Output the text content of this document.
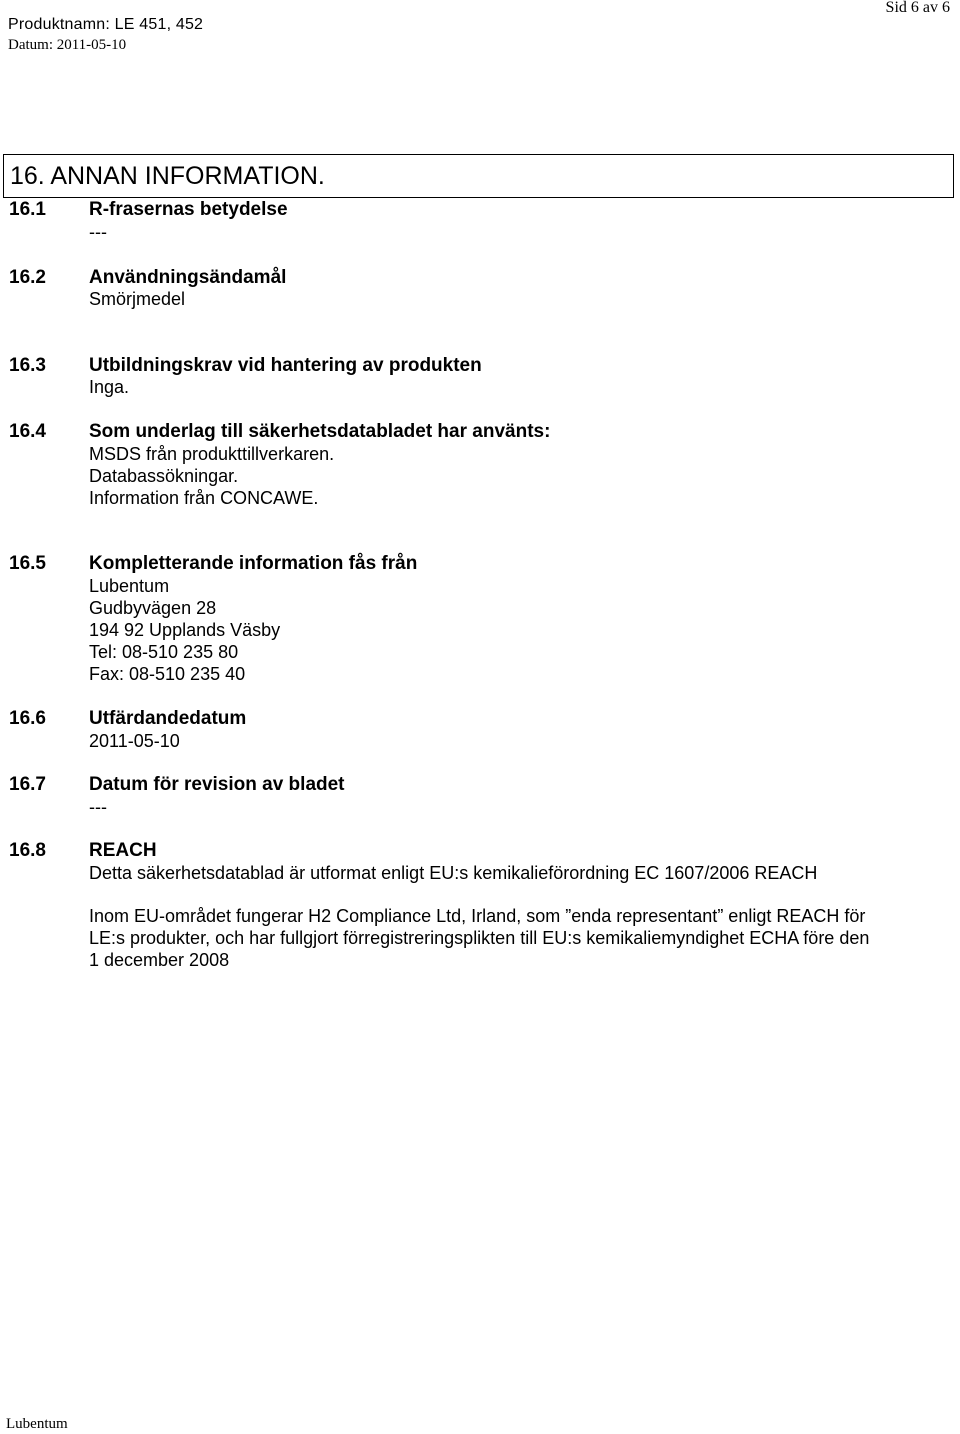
Produktnamn: LE 451, 452
Datum: 2011-05-10
Sid 6 av 6
16. ANNAN INFORMATION.
16.1 R-frasernas betydelse
---
16.2 Användningsändamål
Smörjmedel
16.3 Utbildningskrav vid hantering av produkten
Inga.
16.4 Som underlag till säkerhetsdatabladet har använts:
MSDS från produkttillverkaren.
Databassökningar.
Information från CONCAWE.
16.5 Kompletterande information fås från
Lubentum
Gudbyvägen 28
194 92 Upplands Väsby
Tel: 08-510 235 80
Fax: 08-510 235 40
16.6 Utfärdandedatum
2011-05-10
16.7 Datum för revision av bladet
---
16.8 REACH
Detta säkerhetsdatablad är utformat enligt EU:s kemikalieförordning EC 1607/2006 REACH
Inom EU-området fungerar H2 Compliance Ltd, Irland, som ”enda representant” enligt REACH för
LE:s produkter, och har fullgjort förregistreringsplikten till EU:s kemikaliemyndighet ECHA före den
1 december 2008
Lubentum
